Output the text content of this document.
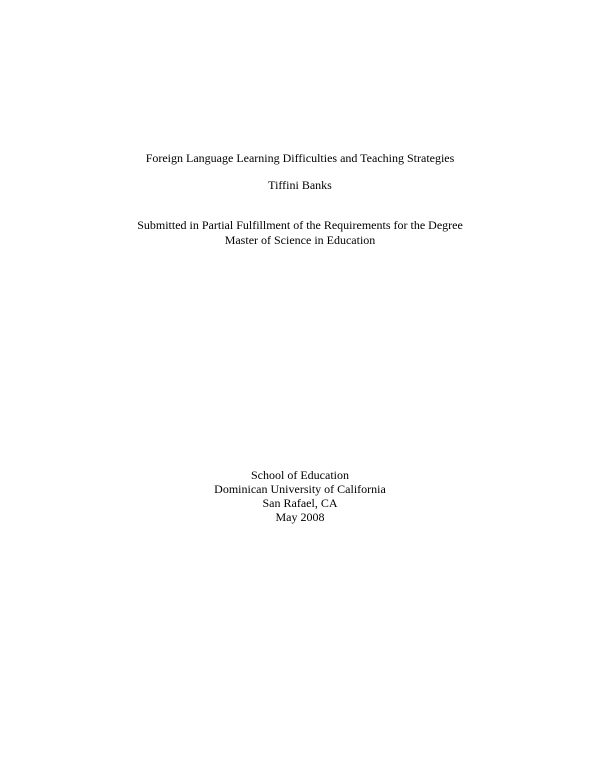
Foreign Language Learning Difficulties and Teaching Strategies
Tiffini Banks
Submitted in Partial Fulfillment of the Requirements for the Degree
Master of Science in Education
School of Education
Dominican University of California
San Rafael, CA
May 2008
